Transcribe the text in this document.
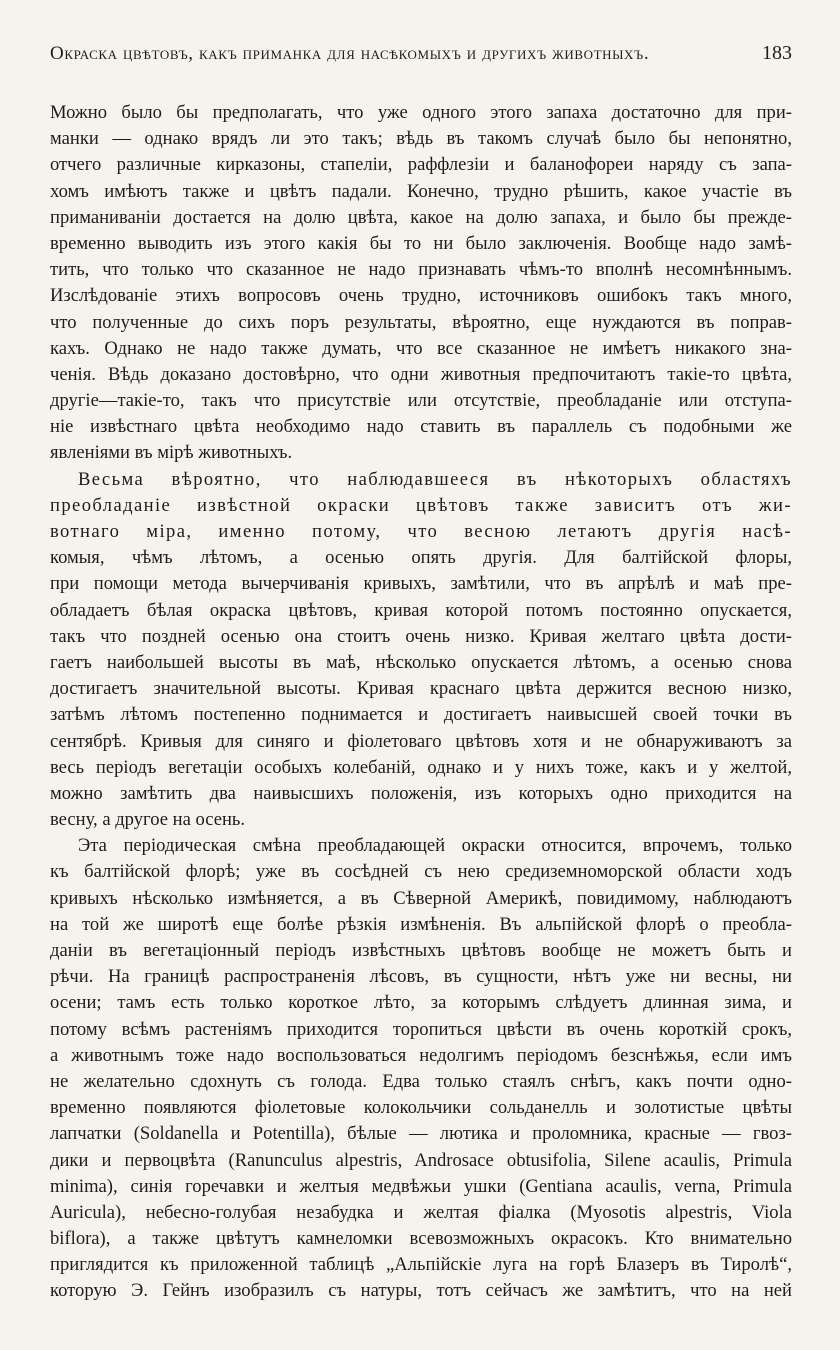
Окраска цвѣтовъ, какъ приманка для насѣкомыхъ и другихъ животныхъ.	183
Можно было бы предполагать, что уже одного этого запаха достаточно для при-
манки — однако врядъ ли это такъ; вѣдь въ такомъ случаѣ было бы непонятно,
отчего различные кирказоны, стапеліи, раффлезіи и баланофореи наряду съ запа-
хомъ имѣютъ также и цвѣтъ падали. Конечно, трудно рѣшить, какое участіе въ
приманиваніи достается на долю цвѣта, какое на долю запаха, и было бы прежде-
временно выводить изъ этого какія бы то ни было заключенія. Вообще надо замѣ-
тить, что только что сказанное не надо признавать чѣмъ-то вполнѣ несомнѣннымъ.
Изслѣдованіе этихъ вопросовъ очень трудно, источниковъ ошибокъ такъ много,
что полученные до сихъ поръ результаты, вѣроятно, еще нуждаются въ поправ-
кахъ. Однако не надо также думать, что все сказанное не имѣетъ никакого зна-
ченія. Вѣдь доказано достовѣрно, что одни животныя предпочитаютъ такіе-то цвѣта,
другіе—такіе-то, такъ что присутствіе или отсутствіе, преобладаніе или отступа-
ніе извѣстнаго цвѣта необходимо надо ставить въ параллель съ подобными же
явленіями въ мірѣ животныхъ.
Весьма вѣроятно, что наблюдавшееся въ нѣкоторыхъ областяхъ
преобладаніе извѣстной окраски цвѣтовъ также зависитъ отъ жи-
вотнаго міра, именно потому, что весною летаютъ другія насѣ-
комыя, чѣмъ лѣтомъ, а осенью опять другія. Для балтійской флоры,
при помощи метода вычерчиванія кривыхъ, замѣтили, что въ апрѣлѣ и маѣ пре-
обладаетъ бѣлая окраска цвѣтовъ, кривая которой потомъ постоянно опускается,
такъ что поздней осенью она стоитъ очень низко. Кривая желтаго цвѣта дости-
гаетъ наибольшей высоты въ маѣ, нѣсколько опускается лѣтомъ, а осенью снова
достигаетъ значительной высоты. Кривая краснаго цвѣта держится весною низко,
затѣмъ лѣтомъ постепенно поднимается и достигаетъ наивысшей своей точки въ
сентябрѣ. Кривыя для синяго и фіолетоваго цвѣтовъ хотя и не обнаруживаютъ за
весь періодъ вегетаціи особыхъ колебаній, однако и у нихъ тоже, какъ и у желтой,
можно замѣтить два наивысшихъ положенія, изъ которыхъ одно приходится на
весну, а другое на осень.
Эта періодическая смѣна преобладающей окраски относится, впрочемъ, только
къ балтійской флорѣ; уже въ сосѣдней съ нею средиземноморской области ходъ
кривыхъ нѣсколько измѣняется, а въ Сѣверной Америкѣ, повидимому, наблюдаютъ
на той же широтѣ еще болѣе рѣзкія измѣненія. Въ альпійской флорѣ о преобла-
даніи въ вегетаціонный періодъ извѣстныхъ цвѣтовъ вообще не можетъ быть и
рѣчи. На границѣ распространенія лѣсовъ, въ сущности, нѣтъ уже ни весны, ни
осени; тамъ есть только короткое лѣто, за которымъ слѣдуетъ длинная зима, и
потому всѣмъ растеніямъ приходится торопиться цвѣсти въ очень короткій срокъ,
а животнымъ тоже надо воспользоваться недолгимъ періодомъ безснѣжья, если имъ
не желательно сдохнуть съ голода. Едва только стаялъ снѣгъ, какъ почти одно-
временно появляются фіолетовые колокольчики сольданелль и золотистые цвѣты
лапчатки (Soldanella и Potentilla), бѣлые — лютика и проломника, красные — гвоз-
дики и первоцвѣта (Ranunculus alpestris, Androsace obtusifolia, Silene acaulis, Primula
minima), синія горечавки и желтыя медвѣжьи ушки (Gentiana acaulis, verna, Primula
Auricula), небесно-голубая незабудка и желтая фіалка (Myosotis alpestris, Viola
biflora), а также цвѣтутъ камнеломки всевозможныхъ окрасокъ. Кто внимательно
приглядится къ приложенной таблицѣ „Альпійскіе луга на горѣ Блазеръ въ Тиролѣ“,
которую Э. Гейнъ изобразилъ съ натуры, тотъ сейчасъ же замѣтитъ, что на ней
